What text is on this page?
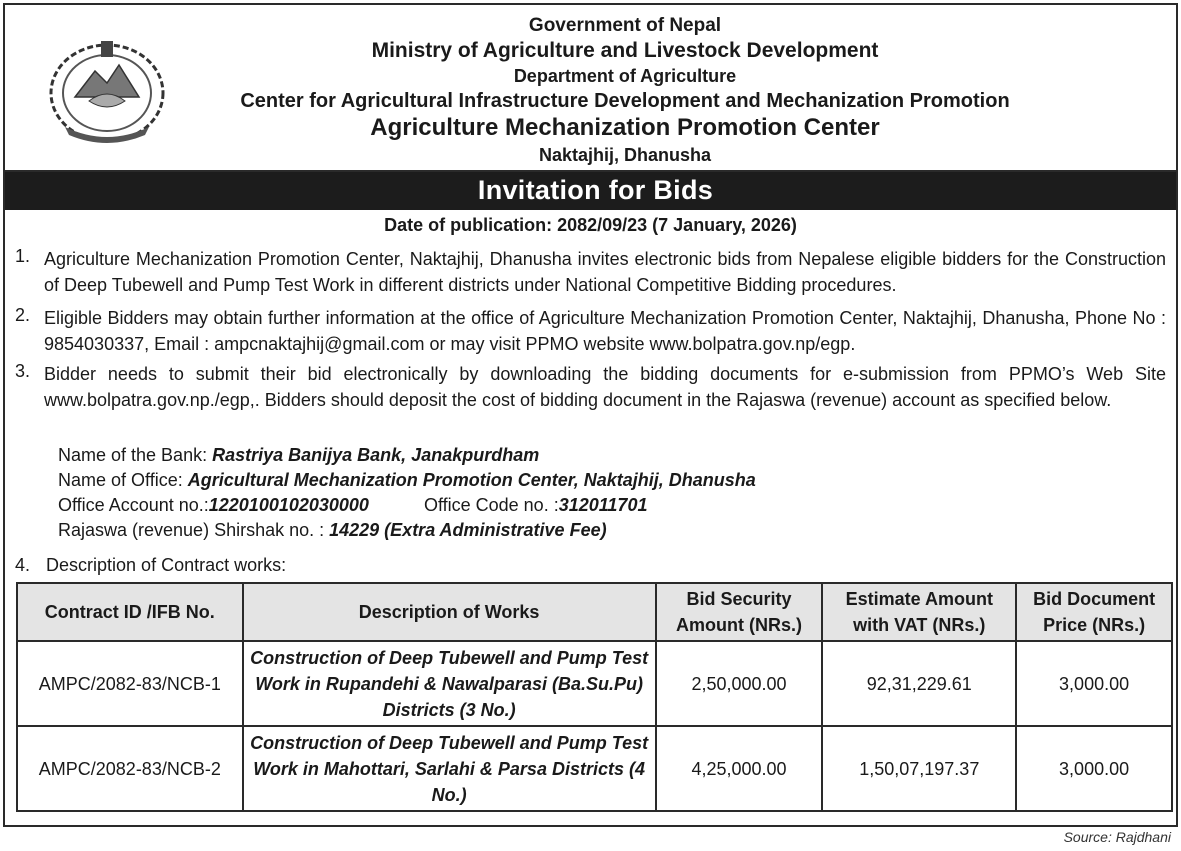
Government of Nepal
Ministry of Agriculture and Livestock Development
Department of Agriculture
Center for Agricultural Infrastructure Development and Mechanization Promotion
Agriculture Mechanization Promotion Center
Naktajhij, Dhanusha
Invitation for Bids
Date of publication: 2082/09/23 (7 January, 2026)
1. Agriculture Mechanization Promotion Center, Naktajhij, Dhanusha invites electronic bids from Nepalese eligible bidders for the Construction of Deep Tubewell and Pump Test Work in different districts under National Competitive Bidding procedures.
2. Eligible Bidders may obtain further information at the office of Agriculture Mechanization Promotion Center, Naktajhij, Dhanusha, Phone No : 9854030337, Email : ampcnaktajhij@gmail.com or may visit PPMO website www.bolpatra.gov.np/egp.
3. Bidder needs to submit their bid electronically by downloading the bidding documents for e-submission from PPMO’s Web Site www.bolpatra.gov.np./egp,. Bidders should deposit the cost of bidding document in the Rajaswa (revenue) account as specified below.
Name of the Bank: Rastriya Banijya Bank, Janakpurdham
Name of Office: Agricultural Mechanization Promotion Center, Naktajhij, Dhanusha
Office Account no.:1220100102030000	Office Code no. :312011701
Rajaswa (revenue) Shirshak no. : 14229 (Extra Administrative Fee)
4. Description of Contract works:
Contract ID /IFB No.	Description of Works	Bid Security Amount (NRs.)	Estimate Amount with VAT (NRs.)	Bid Document Price (NRs.)
AMPC/2082-83/NCB-1	Construction of Deep Tubewell and Pump Test Work in Rupandehi & Nawalparasi (Ba.Su.Pu) Districts (3 No.)	2,50,000.00	92,31,229.61	3,000.00
AMPC/2082-83/NCB-2	Construction of Deep Tubewell and Pump Test Work in Mahottari, Sarlahi & Parsa Districts (4 No.)	4,25,000.00	1,50,07,197.37	3,000.00
Source: Rajdhani
